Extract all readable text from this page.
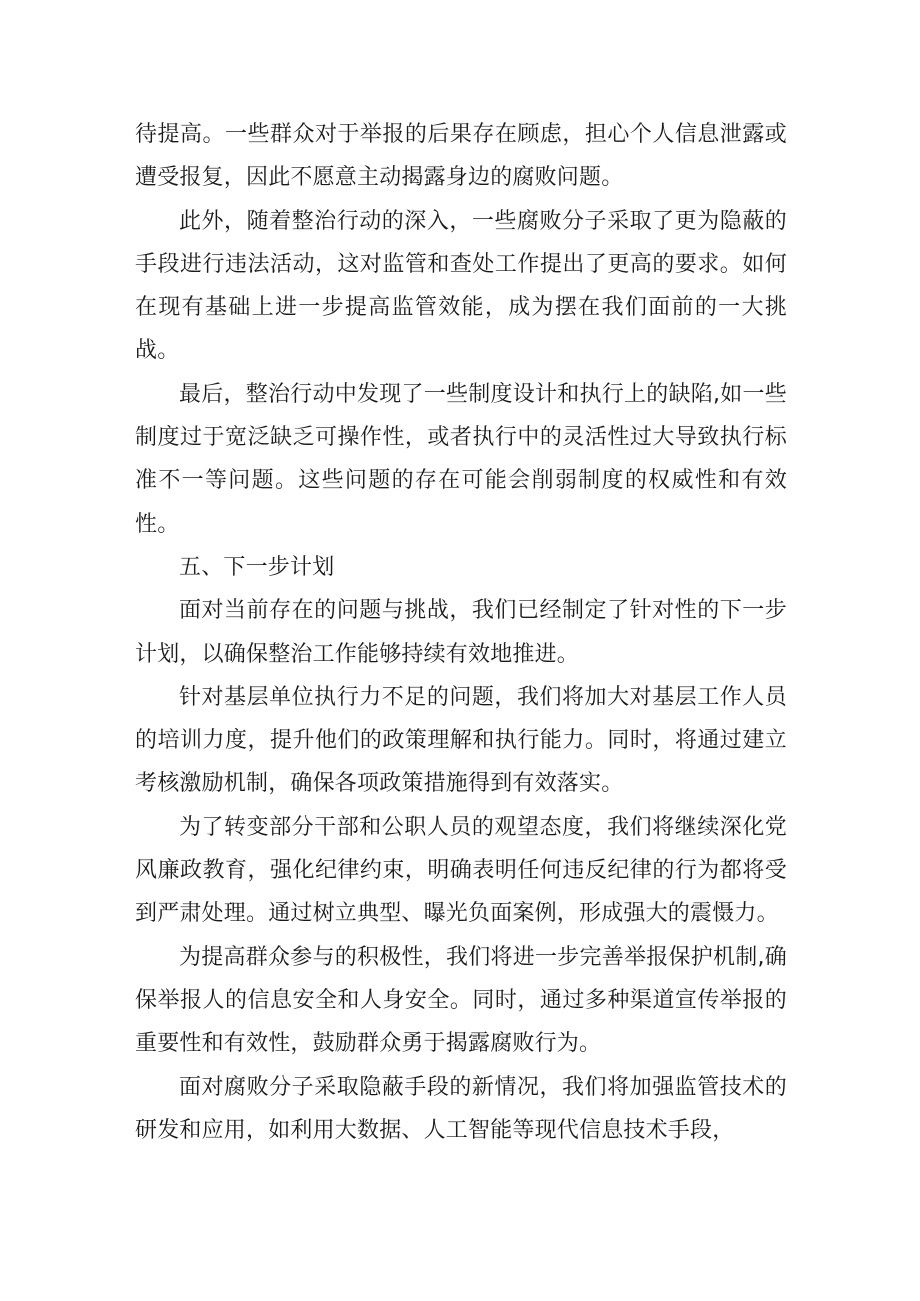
待提高。一些群众对于举报的后果存在顾虑，担心个人信息泄露或遭受报复，因此不愿意主动揭露身边的腐败问题。

此外，随着整治行动的深入，一些腐败分子采取了更为隐蔽的手段进行违法活动，这对监管和查处工作提出了更高的要求。如何在现有基础上进一步提高监管效能，成为摆在我们面前的一大挑战。

最后，整治行动中发现了一些制度设计和执行上的缺陷,如一些制度过于宽泛缺乏可操作性，或者执行中的灵活性过大导致执行标准不一等问题。这些问题的存在可能会削弱制度的权威性和有效性。

五、下一步计划

面对当前存在的问题与挑战，我们已经制定了针对性的下一步计划，以确保整治工作能够持续有效地推进。

针对基层单位执行力不足的问题，我们将加大对基层工作人员的培训力度，提升他们的政策理解和执行能力。同时，将通过建立考核激励机制，确保各项政策措施得到有效落实。

为了转变部分干部和公职人员的观望态度，我们将继续深化党风廉政教育，强化纪律约束，明确表明任何违反纪律的行为都将受到严肃处理。通过树立典型、曝光负面案例，形成强大的震慑力。

为提高群众参与的积极性，我们将进一步完善举报保护机制,确保举报人的信息安全和人身安全。同时，通过多种渠道宣传举报的重要性和有效性，鼓励群众勇于揭露腐败行为。

面对腐败分子采取隐蔽手段的新情况，我们将加强监管技术的研发和应用，如利用大数据、人工智能等现代信息技术手段，
